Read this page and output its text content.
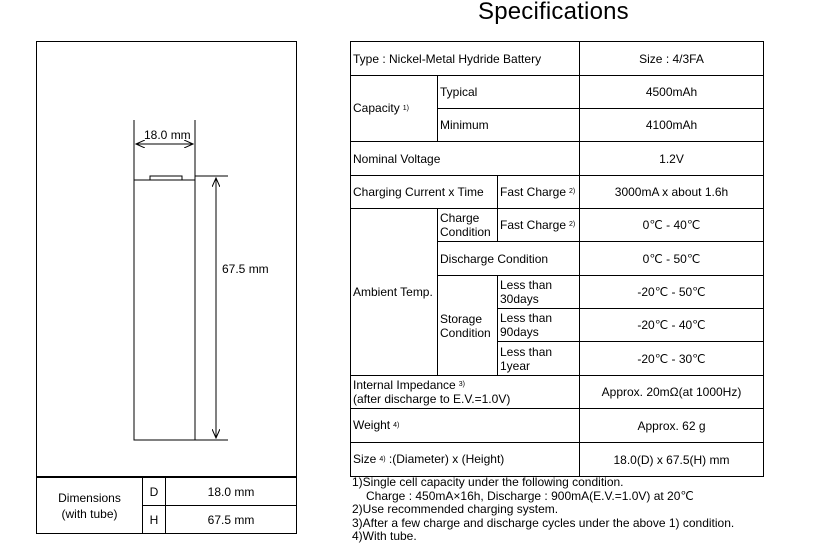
Specifications
18.0 mm
67.5 mm
Dimensions
(with tube)	D	18.0 mm
	H	67.5 mm
Type : Nickel-Metal Hydride Battery			Size : 4/3FA
Capacity 1)	Typical		4500mAh
	Minimum		4100mAh
Nominal Voltage			1.2V
Charging Current x Time		Fast Charge 2)	3000mA x about 1.6h
Ambient Temp.	Charge Condition	Fast Charge 2)	0℃ - 40℃
	Discharge Condition		0℃ - 50℃
	Storage Condition	Less than 30days	-20℃ - 50℃
		Less than 90days	-20℃ - 40℃
		Less than 1year	-20℃ - 30℃
Internal Impedance 3)
(after discharge to E.V.=1.0V)			Approx. 20mΩ(at 1000Hz)
Weight 4)			Approx. 62 g
Size 4) :(Diameter) x (Height)			18.0(D) x 67.5(H) mm
1)Single cell capacity under the following condition.
Charge : 450mA×16h, Discharge : 900mA(E.V.=1.0V) at 20℃
2)Use recommended charging system.
3)After a few charge and discharge cycles under the above 1) condition.
4)With tube.
